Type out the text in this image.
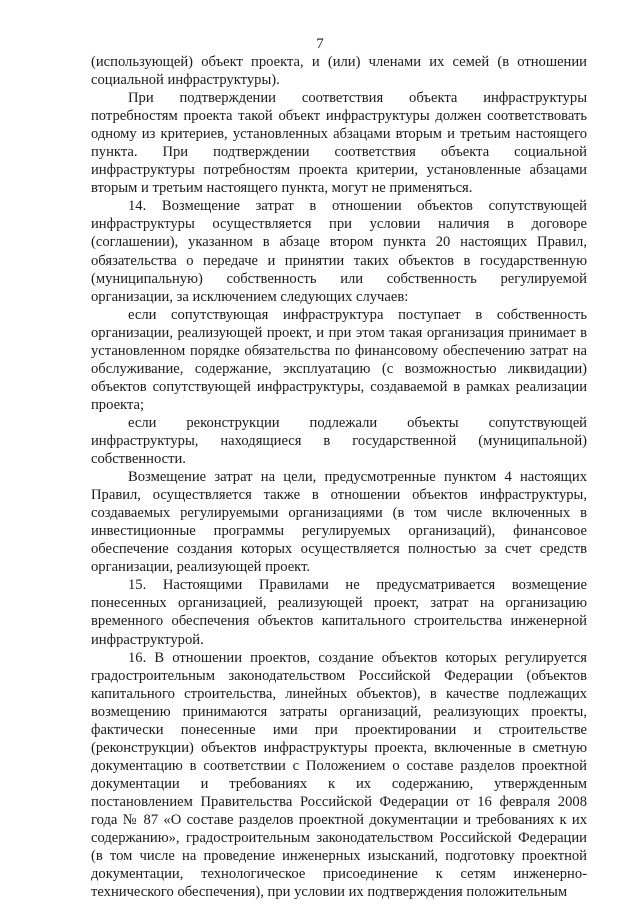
7

(использующей) объект проекта, и (или) членами их семей (в отношении социальной инфраструктуры).

При подтверждении соответствия объекта инфраструктуры потребностям проекта такой объект инфраструктуры должен соответствовать одному из критериев, установленных абзацами вторым и третьим настоящего пункта. При подтверждении соответствия объекта социальной инфраструктуры потребностям проекта критерии, установленные абзацами вторым и третьим настоящего пункта, могут не применяться.

14. Возмещение затрат в отношении объектов сопутствующей инфраструктуры осуществляется при условии наличия в договоре (соглашении), указанном в абзаце втором пункта 20 настоящих Правил, обязательства о передаче и принятии таких объектов в государственную (муниципальную) собственность или собственность регулируемой организации, за исключением следующих случаев:

если сопутствующая инфраструктура поступает в собственность организации, реализующей проект, и при этом такая организация принимает в установленном порядке обязательства по финансовому обеспечению затрат на обслуживание, содержание, эксплуатацию (с возможностью ликвидации) объектов сопутствующей инфраструктуры, создаваемой в рамках реализации проекта;

если реконструкции подлежали объекты сопутствующей инфраструктуры, находящиеся в государственной (муниципальной) собственности.

Возмещение затрат на цели, предусмотренные пунктом 4 настоящих Правил, осуществляется также в отношении объектов инфраструктуры, создаваемых регулируемыми организациями (в том числе включенных в инвестиционные программы регулируемых организаций), финансовое обеспечение создания которых осуществляется полностью за счет средств организации, реализующей проект.

15. Настоящими Правилами не предусматривается возмещение понесенных организацией, реализующей проект, затрат на организацию временного обеспечения объектов капитального строительства инженерной инфраструктурой.

16. В отношении проектов, создание объектов которых регулируется градостроительным законодательством Российской Федерации (объектов капитального строительства, линейных объектов), в качестве подлежащих возмещению принимаются затраты организаций, реализующих проекты, фактически понесенные ими при проектировании и строительстве (реконструкции) объектов инфраструктуры проекта, включенные в сметную документацию в соответствии с Положением о составе разделов проектной документации и требованиях к их содержанию, утвержденным постановлением Правительства Российской Федерации от 16 февраля 2008 года № 87 «О составе разделов проектной документации и требованиях к их содержанию», градостроительным законодательством Российской Федерации (в том числе на проведение инженерных изысканий, подготовку проектной документации, технологическое присоединение к сетям инженерно-технического обеспечения), при условии их подтверждения положительным
